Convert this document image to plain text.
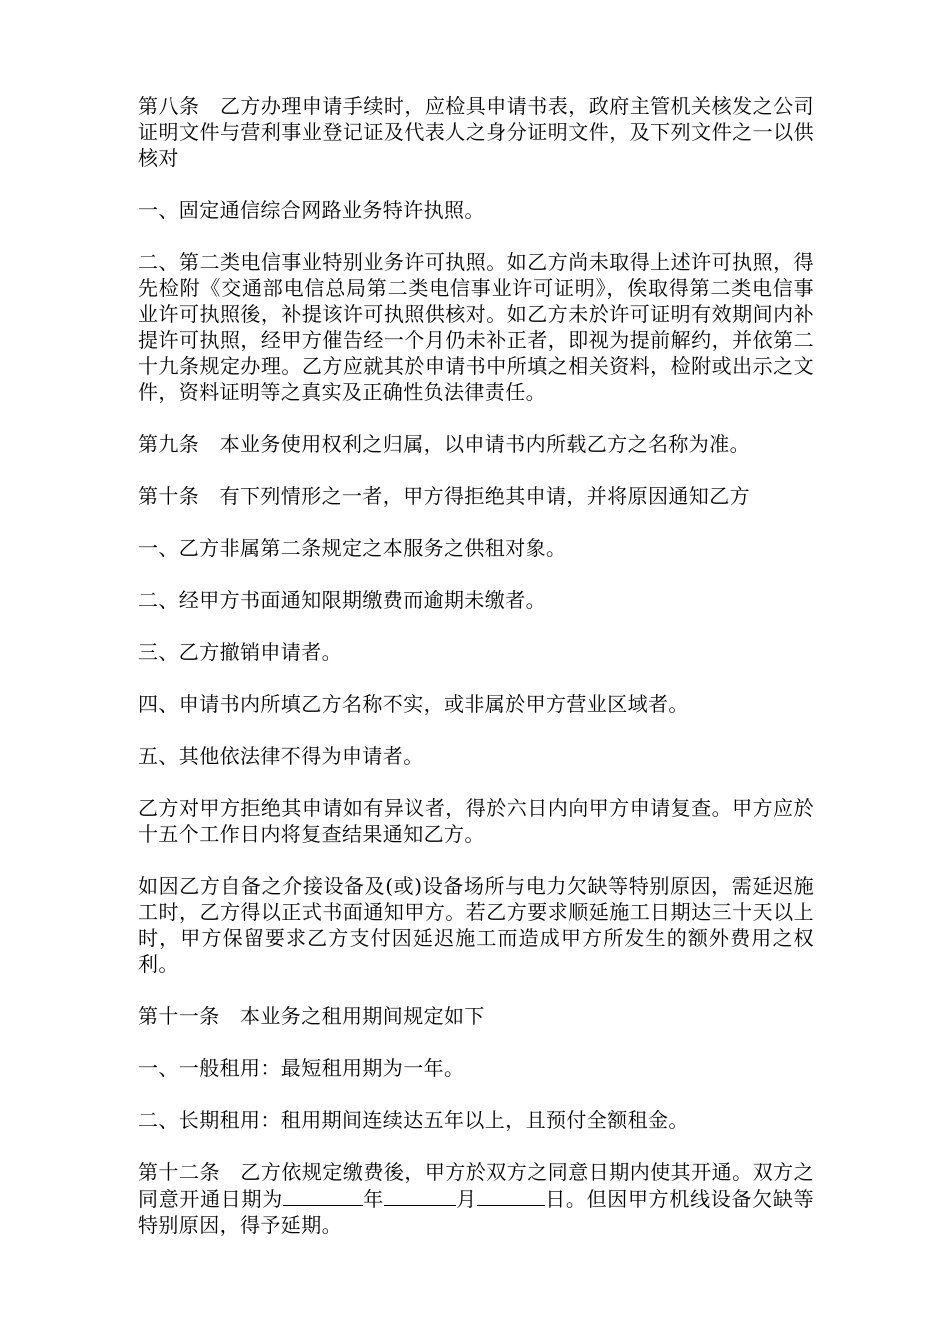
第八条　乙方办理申请手续时，应检具申请书表，政府主管机关核发之公司证明文件与营利事业登记证及代表人之身分证明文件，及下列文件之一以供核对

一、固定通信综合网路业务特许执照。

二、第二类电信事业特别业务许可执照。如乙方尚未取得上述许可执照，得先检附《交通部电信总局第二类电信事业许可证明》，俟取得第二类电信事业许可执照後，补提该许可执照供核对。如乙方未於许可证明有效期间内补提许可执照，经甲方催告经一个月仍未补正者，即视为提前解约，并依第二十九条规定办理。乙方应就其於申请书中所填之相关资料，检附或出示之文件，资料证明等之真实及正确性负法律责任。

第九条　本业务使用权利之归属，以申请书内所载乙方之名称为准。

第十条　有下列情形之一者，甲方得拒绝其申请，并将原因通知乙方

一、乙方非属第二条规定之本服务之供租对象。

二、经甲方书面通知限期缴费而逾期未缴者。

三、乙方撤销申请者。

四、申请书内所填乙方名称不实，或非属於甲方营业区域者。

五、其他依法律不得为申请者。

乙方对甲方拒绝其申请如有异议者，得於六日内向甲方申请复查。甲方应於十五个工作日内将复查结果通知乙方。

如因乙方自备之介接设备及(或)设备场所与电力欠缺等特别原因，需延迟施工时，乙方得以正式书面通知甲方。若乙方要求顺延施工日期达三十天以上时，甲方保留要求乙方支付因延迟施工而造成甲方所发生的额外费用之权利。

第十一条　本业务之租用期间规定如下

一、一般租用：最短租用期为一年。

二、长期租用：租用期间连续达五年以上，且预付全额租金。

第十二条　乙方依规定缴费後，甲方於双方之同意日期内使其开通。双方之同意开通日期为	年	月	日。但因甲方机线设备欠缺等特别原因，得予延期。
